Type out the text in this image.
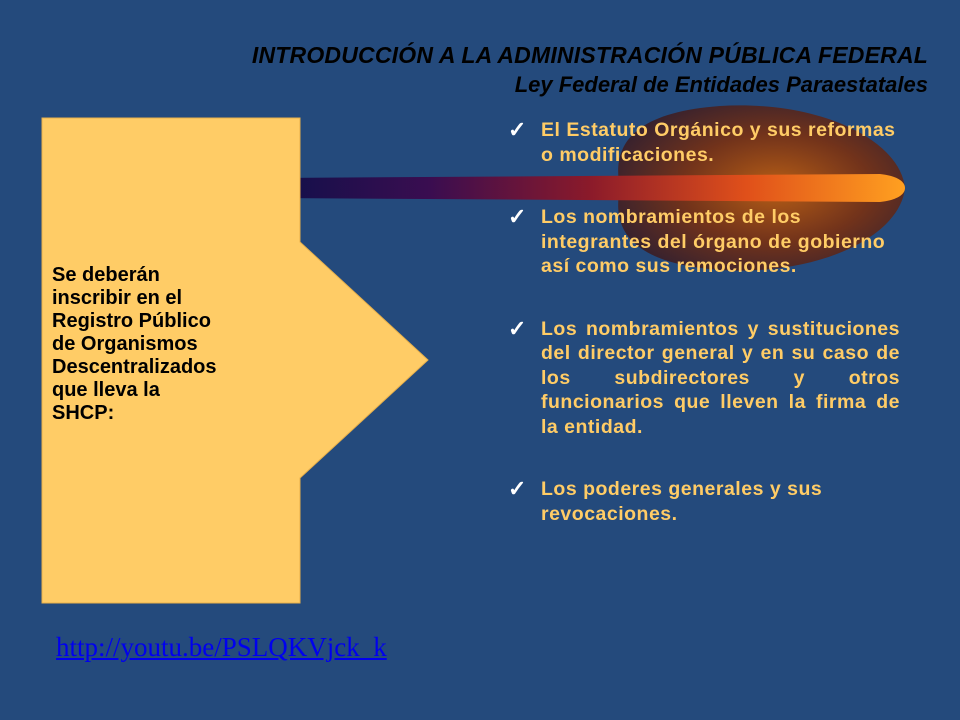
INTRODUCCIÓN A LA ADMINISTRACIÓN PÚBLICA FEDERAL
Ley Federal de Entidades Paraestatales
Se deberán
inscribir en el
Registro Público
de Organismos
Descentralizados
que lleva la
SHCP:
✓ El Estatuto Orgánico y sus reformas o modificaciones.
✓ Los nombramientos de los integrantes del órgano de gobierno así como sus remociones.
✓ Los nombramientos y sustituciones del director general y en su caso de los subdirectores y otros funcionarios que lleven la firma de la entidad.
✓ Los poderes generales y sus revocaciones.
http://youtu.be/PSLQKVjck_k
